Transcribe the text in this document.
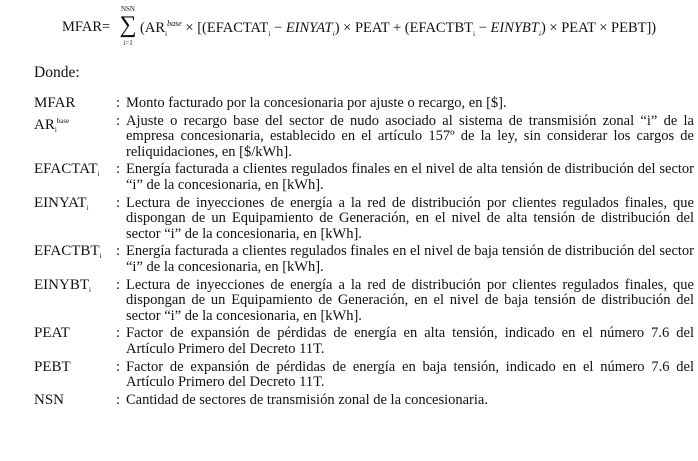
MFAR=
NSN
∑
i=1
($AR_i^{base}$ × [($EFACTAT_i$ − $EINYAT_i$) × PEAT + ($EFACTBT_i$ − $EINYBT_i$) × PEAT × PEBT])
Donde:
MFAR	: Monto facturado por la concesionaria por ajuste o recargo, en [$].
$AR_i^{base}$	: Ajuste o recargo base del sector de nudo asociado al sistema de transmisión zonal “i” de la empresa concesionaria, establecido en el artículo 157º de la ley, sin considerar los cargos de reliquidaciones, en [$/kWh].
$EFACTAT_i$	: Energía facturada a clientes regulados finales en el nivel de alta tensión de distribución del sector “i” de la concesionaria, en [kWh].
$EINYAT_i$	: Lectura de inyecciones de energía a la red de distribución por clientes regulados finales, que dispongan de un Equipamiento de Generación, en el nivel de alta tensión de distribución del sector “i” de la concesionaria, en [kWh].
$EFACTBT_i$ : Energía facturada a clientes regulados finales en el nivel de baja tensión de distribución del sector “i” de la concesionaria, en [kWh].
$EINYBT_i$	: Lectura de inyecciones de energía a la red de distribución por clientes regulados finales, que dispongan de un Equipamiento de Generación, en el nivel de baja tensión de distribución del sector “i” de la concesionaria, en [kWh].
PEAT	: Factor de expansión de pérdidas de energía en alta tensión, indicado en el número 7.6 del Artículo Primero del Decreto 11T.
PEBT	: Factor de expansión de pérdidas de energía en baja tensión, indicado en el número 7.6 del Artículo Primero del Decreto 11T.
NSN	: Cantidad de sectores de transmisión zonal de la concesionaria.
